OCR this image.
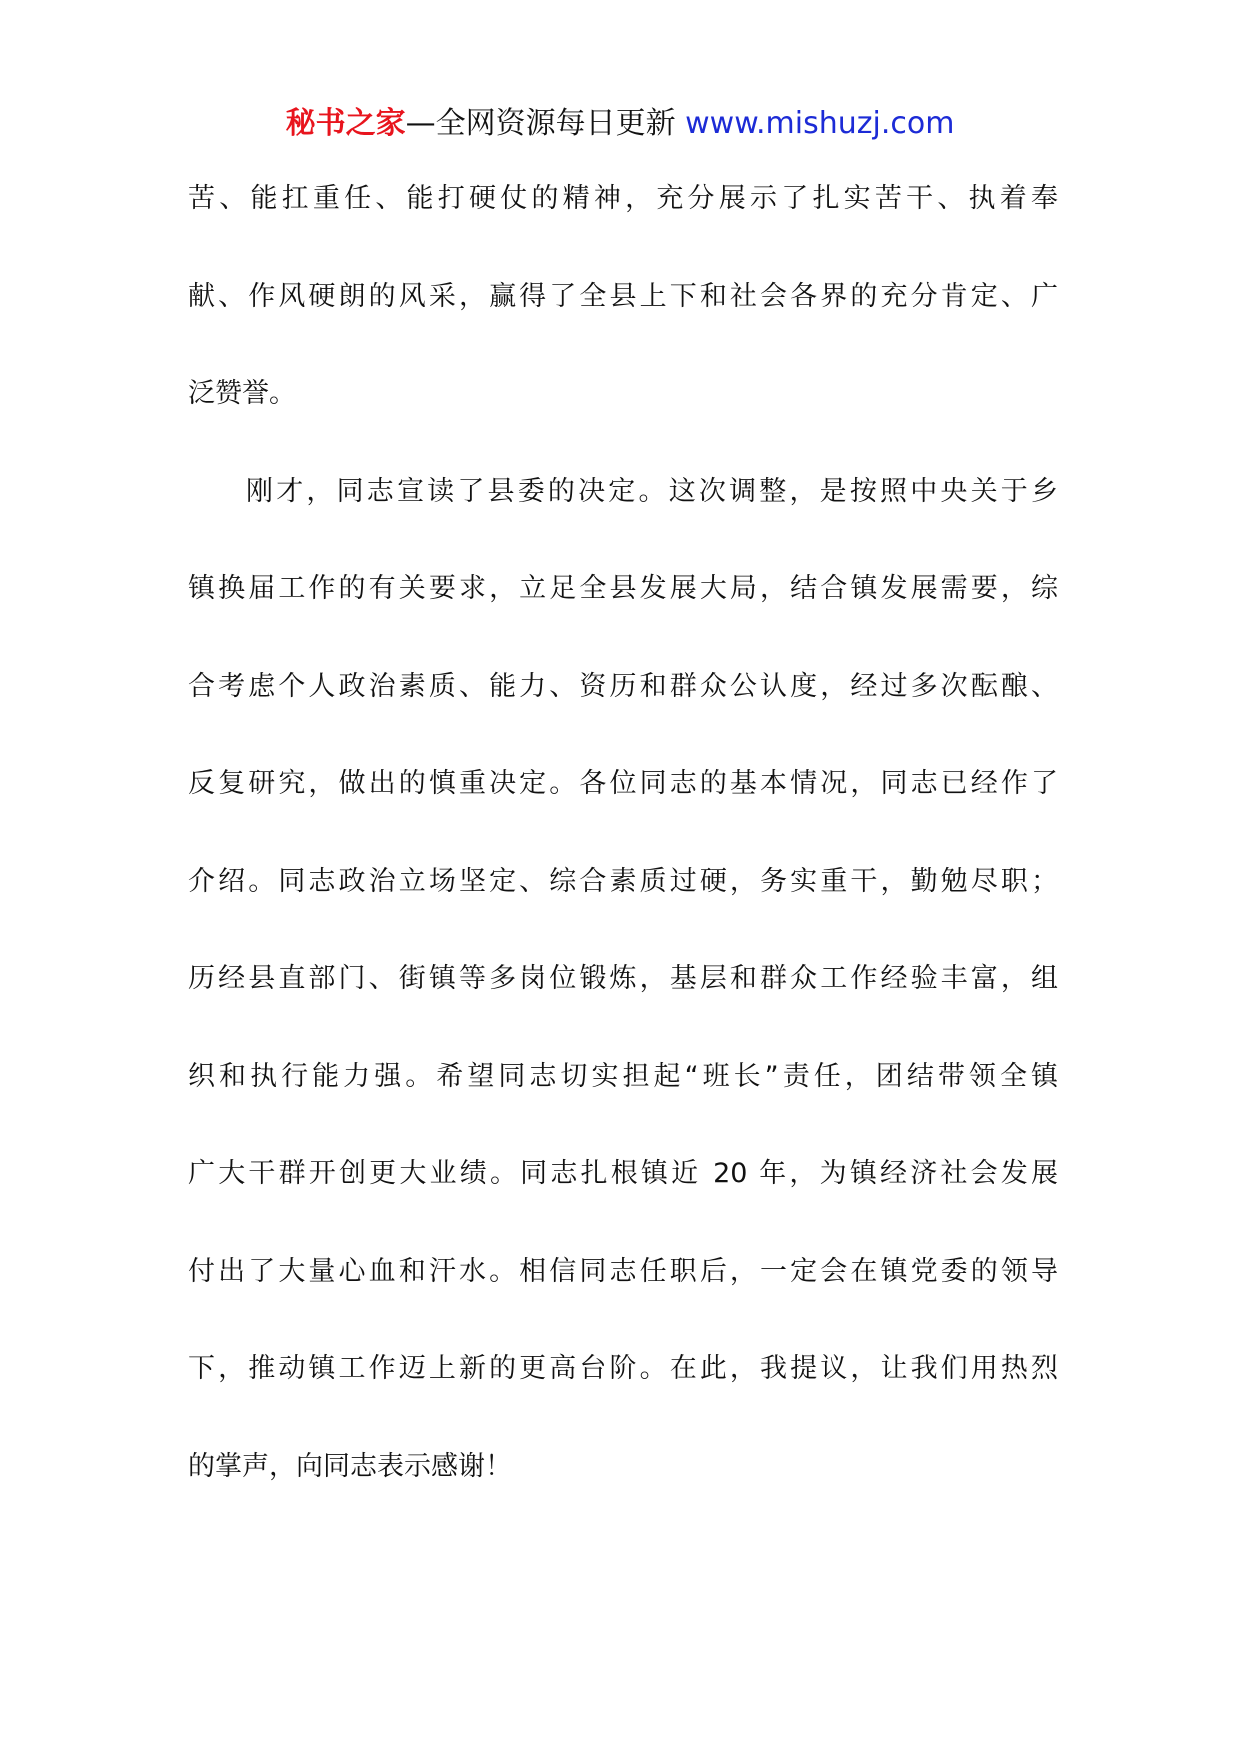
秘书之家—全网资源每日更新 www.mishuzj.com
苦、能扛重任、能打硬仗的精神，充分展示了扎实苦干、执着奉
献、作风硬朗的风采，赢得了全县上下和社会各界的充分肯定、广
泛赞誉。
刚才，同志宣读了县委的决定。这次调整，是按照中央关于乡
镇换届工作的有关要求，立足全县发展大局，结合镇发展需要，综
合考虑个人政治素质、能力、资历和群众公认度，经过多次酝酿、
反复研究，做出的慎重决定。各位同志的基本情况，同志已经作了
介绍。同志政治立场坚定、综合素质过硬，务实重干，勤勉尽职；
历经县直部门、街镇等多岗位锻炼，基层和群众工作经验丰富，组
织和执行能力强。希望同志切实担起“班长”责任，团结带领全镇
广大干群开创更大业绩。同志扎根镇近 20 年，为镇经济社会发展
付出了大量心血和汗水。相信同志任职后，一定会在镇党委的领导
下，推动镇工作迈上新的更高台阶。在此，我提议，让我们用热烈
的掌声，向同志表示感谢！
